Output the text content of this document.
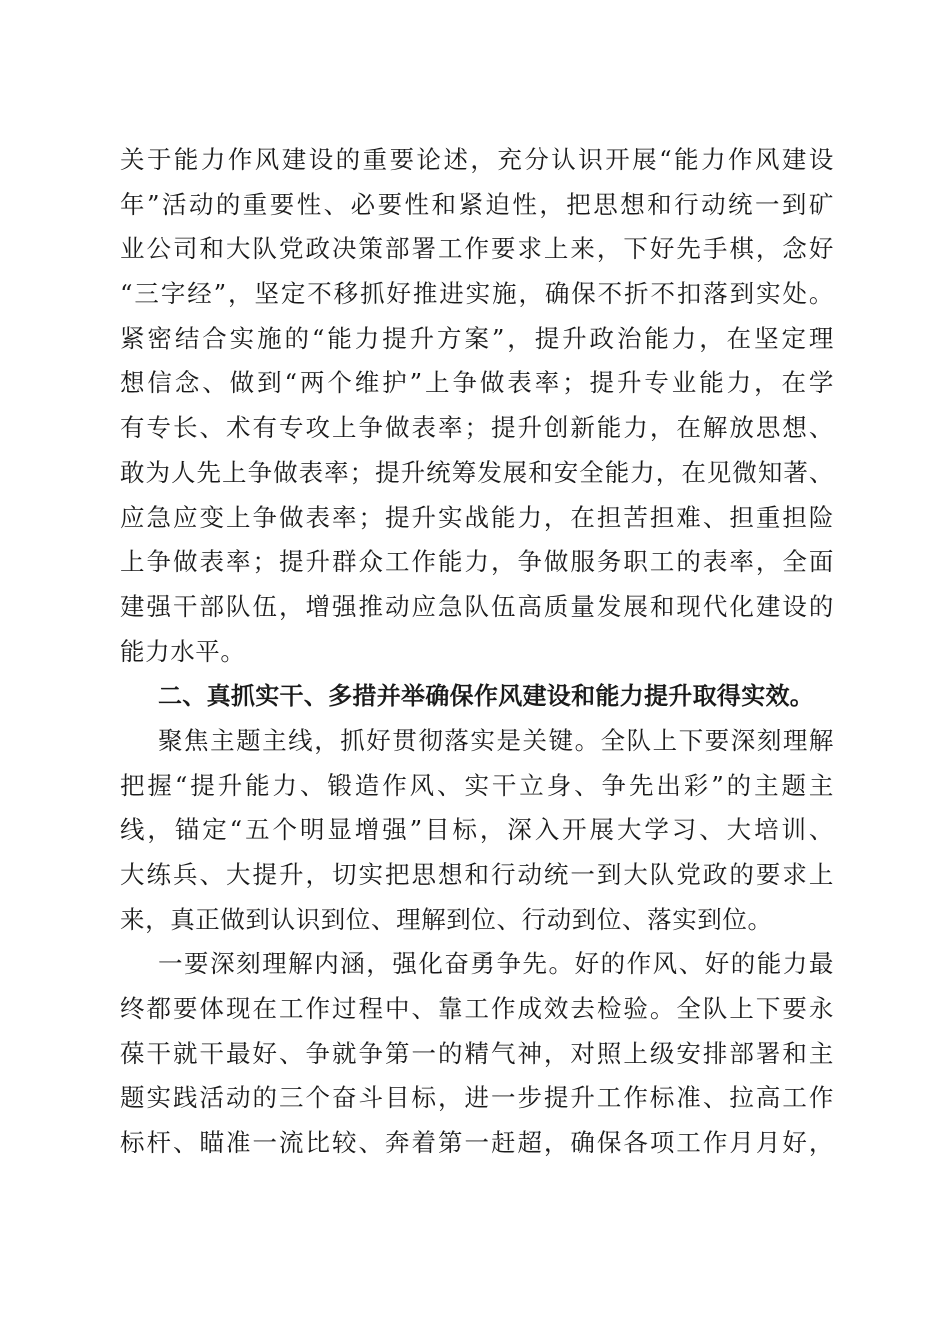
关于能力作风建设的重要论述，充分认识开展“能力作风建设
年”活动的重要性、必要性和紧迫性，把思想和行动统一到矿
业公司和大队党政决策部署工作要求上来，下好先手棋，念好
“三字经”，坚定不移抓好推进实施，确保不折不扣落到实处。
紧密结合实施的“能力提升方案”，提升政治能力，在坚定理
想信念、做到“两个维护”上争做表率；提升专业能力，在学
有专长、术有专攻上争做表率；提升创新能力，在解放思想、
敢为人先上争做表率；提升统筹发展和安全能力，在见微知著、
应急应变上争做表率；提升实战能力，在担苦担难、担重担险
上争做表率；提升群众工作能力，争做服务职工的表率，全面
建强干部队伍，增强推动应急队伍高质量发展和现代化建设的
能力水平。
二、真抓实干、多措并举确保作风建设和能力提升取得实效。
聚焦主题主线，抓好贯彻落实是关键。全队上下要深刻理解
把握“提升能力、锻造作风、实干立身、争先出彩”的主题主
线，锚定“五个明显增强”目标，深入开展大学习、大培训、
大练兵、大提升，切实把思想和行动统一到大队党政的要求上
来，真正做到认识到位、理解到位、行动到位、落实到位。
一要深刻理解内涵，强化奋勇争先。好的作风、好的能力最
终都要体现在工作过程中、靠工作成效去检验。全队上下要永
葆干就干最好、争就争第一的精气神，对照上级安排部署和主
题实践活动的三个奋斗目标，进一步提升工作标准、拉高工作
标杆、瞄准一流比较、奔着第一赶超，确保各项工作月月好，
